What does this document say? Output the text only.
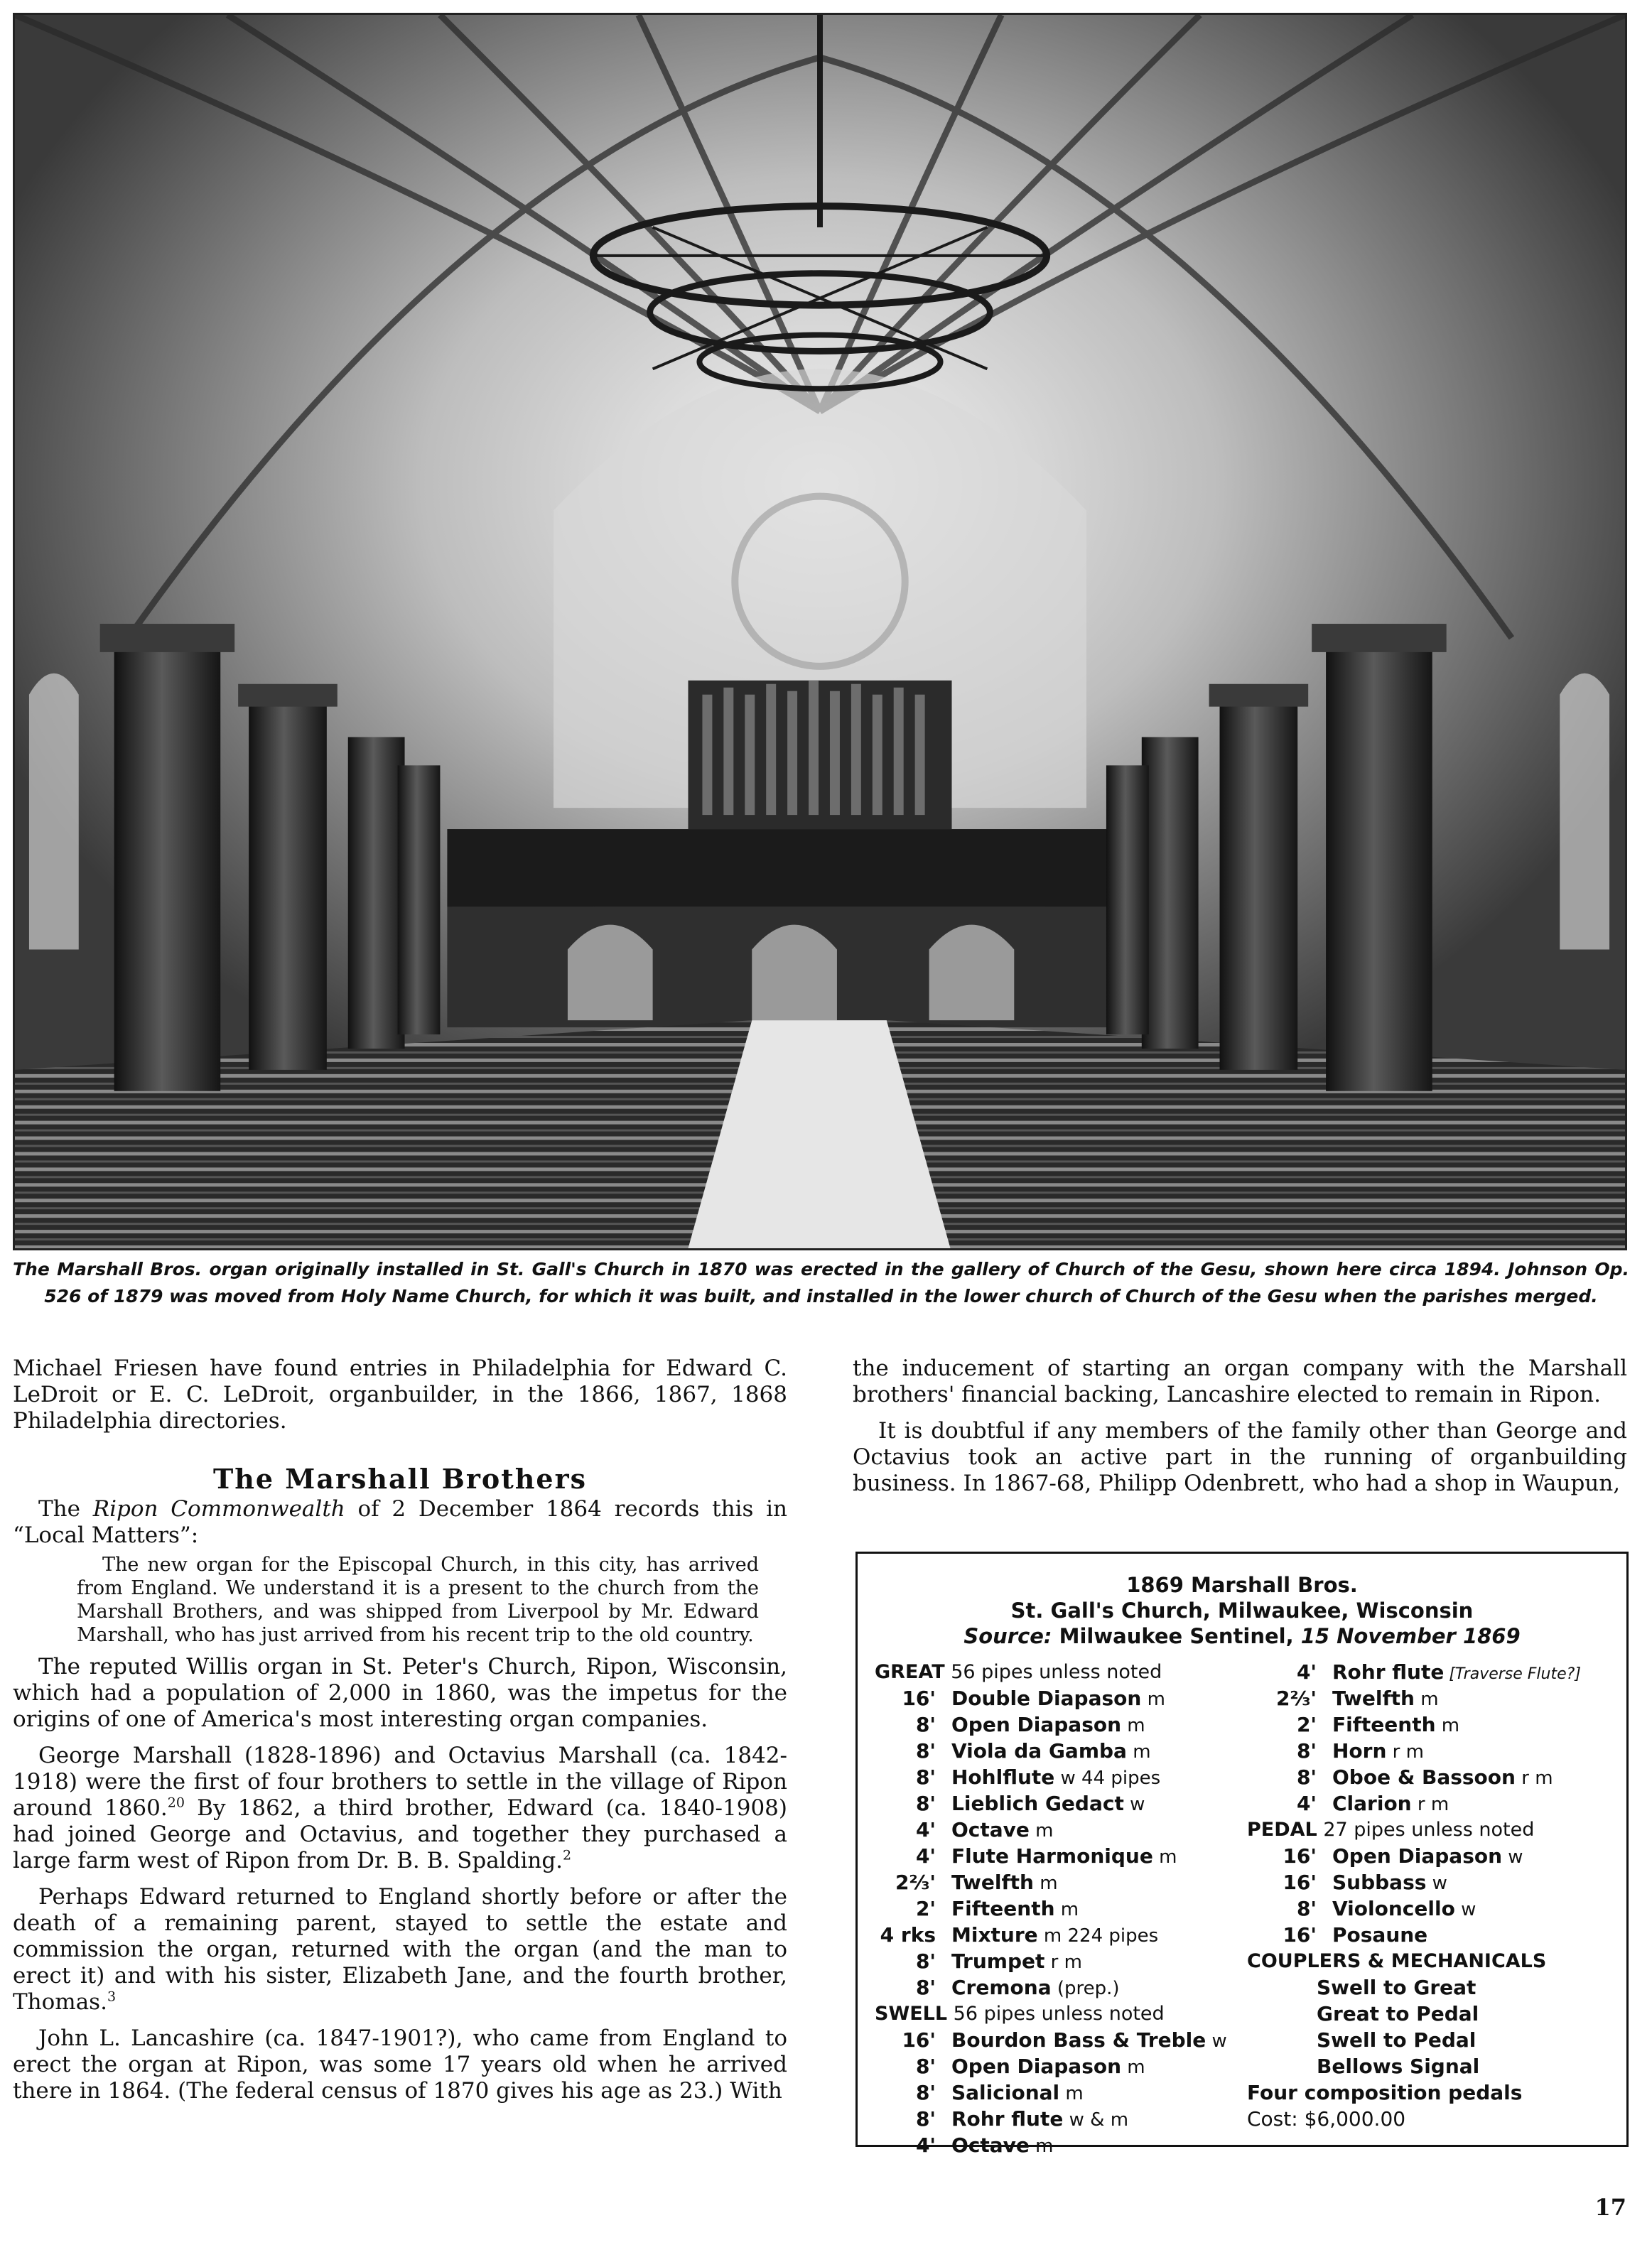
The Marshall Bros. organ originally installed in St. Gall's Church in 1870 was erected in the gallery of Church of the Gesu, shown here circa 1894. Johnson Op. 526 of 1879 was moved from Holy Name Church, for which it was built, and installed in the lower church of Church of the Gesu when the parishes merged.

Michael Friesen have found entries in Philadelphia for Edward C. LeDroit or E. C. LeDroit, organbuilder, in the 1866, 1867, 1868 Philadelphia directories.

The Marshall Brothers

The Ripon Commonwealth of 2 December 1864 records this in “Local Matters”:

The new organ for the Episcopal Church, in this city, has arrived from England. We understand it is a present to the church from the Marshall Brothers, and was shipped from Liverpool by Mr. Edward Marshall, who has just arrived from his recent trip to the old country.

The reputed Willis organ in St. Peter's Church, Ripon, Wisconsin, which had a population of 2,000 in 1860, was the impetus for the origins of one of America's most interesting organ companies.

George Marshall (1828-1896) and Octavius Marshall (ca. 1842-1918) were the first of four brothers to settle in the village of Ripon around 1860.20 By 1862, a third brother, Edward (ca. 1840-1908) had joined George and Octavius, and together they purchased a large farm west of Ripon from Dr. B. B. Spalding.$^2$

Perhaps Edward returned to England shortly before or after the death of a remaining parent, stayed to settle the estate and commission the organ, returned with the organ (and the man to erect it) and with his sister, Elizabeth Jane, and the fourth brother, Thomas.$^3$

John L. Lancashire (ca. 1847-1901?), who came from England to erect the organ at Ripon, was some 17 years old when he arrived there in 1864. (The federal census of 1870 gives his age as 23.) With

the inducement of starting an organ company with the Marshall brothers' financial backing, Lancashire elected to remain in Ripon.

It is doubtful if any members of the family other than George and Octavius took an active part in the running of organbuilding business. In 1867-68, Philipp Odenbrett, who had a shop in Waupun,

1869 Marshall Bros.
St. Gall's Church, Milwaukee, Wisconsin
Source: Milwaukee Sentinel, 15 November 1869
GREAT 56 pipes unless noted
16' Double Diapason m
8' Open Diapason m
8' Viola da Gamba m
8' Hohlflute w 44 pipes
8' Lieblich Gedact w
4' Octave m
4' Flute Harmonique m
2⅔' Twelfth m
2' Fifteenth m
4 rks Mixture m 224 pipes
8' Trumpet r m
8' Cremona (prep.)
SWELL 56 pipes unless noted
16' Bourdon Bass & Treble w
8' Open Diapason m
8' Salicional m
8' Rohr flute w & m
4' Octave m
4' Rohr flute [Traverse Flute?]
2⅔' Twelfth m
2' Fifteenth m
8' Horn r m
8' Oboe & Bassoon r m
4' Clarion r m
PEDAL 27 pipes unless noted
16' Open Diapason w
16' Subbass w
8' Violoncello w
16' Posaune
COUPLERS & MECHANICALS
Swell to Great
Great to Pedal
Swell to Pedal
Bellows Signal
Four composition pedals
Cost: $6,000.00
17
